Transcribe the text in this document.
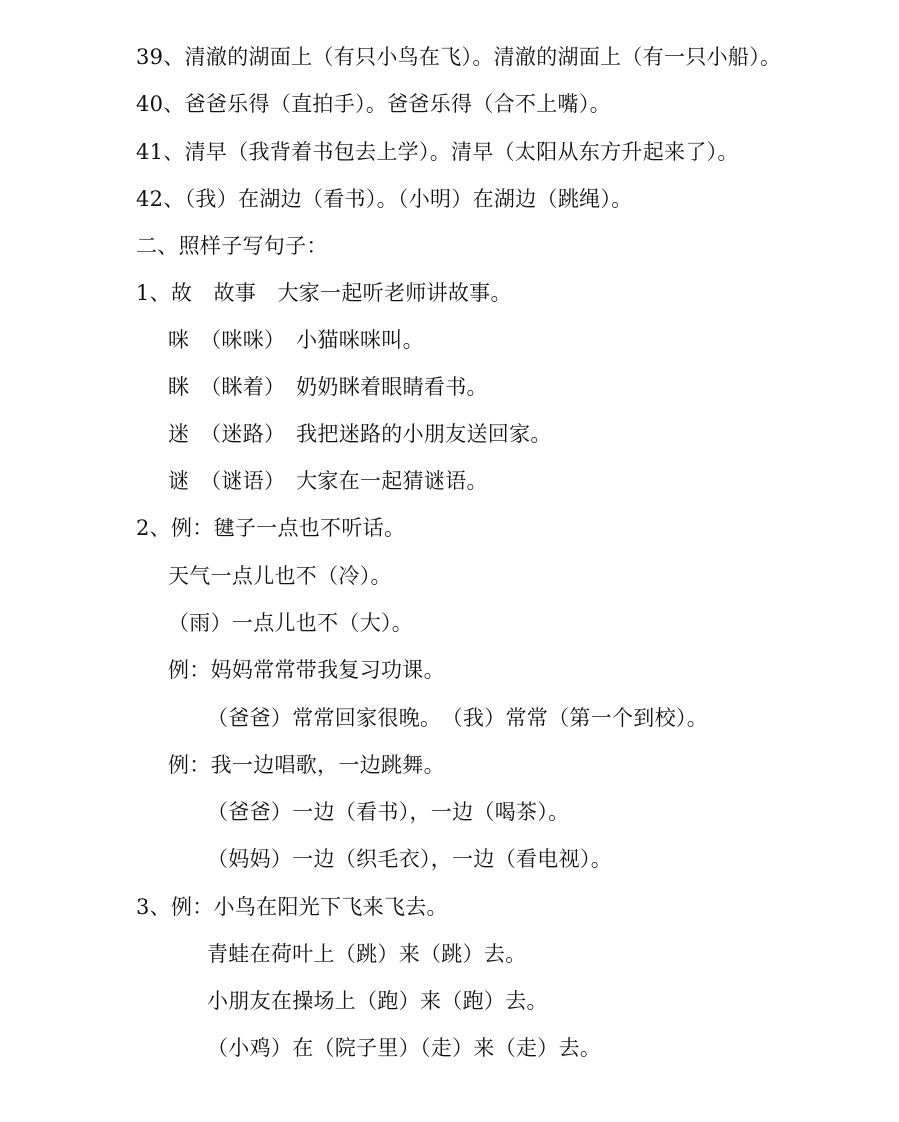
39、清澈的湖面上（有只小鸟在飞）。清澈的湖面上（有一只小船）。
40、爸爸乐得（直拍手）。爸爸乐得（合不上嘴）。
41、清早（我背着书包去上学）。清早（太阳从东方升起来了）。
42、（我）在湖边（看书）。（小明）在湖边（跳绳）。
二、照样子写句子：
1、故　故事　大家一起听老师讲故事。
咪　（咪咪）　小猫咪咪叫。
眯　（眯着）　奶奶眯着眼睛看书。
迷　（迷路）　我把迷路的小朋友送回家。
谜　（谜语）　大家在一起猜谜语。
2、例：毽子一点也不听话。
天气一点儿也不（冷）。
（雨）一点儿也不（大）。
例：妈妈常常带我复习功课。
（爸爸）常常回家很晚。　（我）常常（第一个到校）。
例：我一边唱歌，一边跳舞。
（爸爸）一边（看书），一边（喝茶）。
（妈妈）一边（织毛衣），一边（看电视）。
3、例：小鸟在阳光下飞来飞去。
青蛙在荷叶上（跳）来（跳）去。
小朋友在操场上（跑）来（跑）去。
（小鸡）在（院子里）（走）来（走）去。
